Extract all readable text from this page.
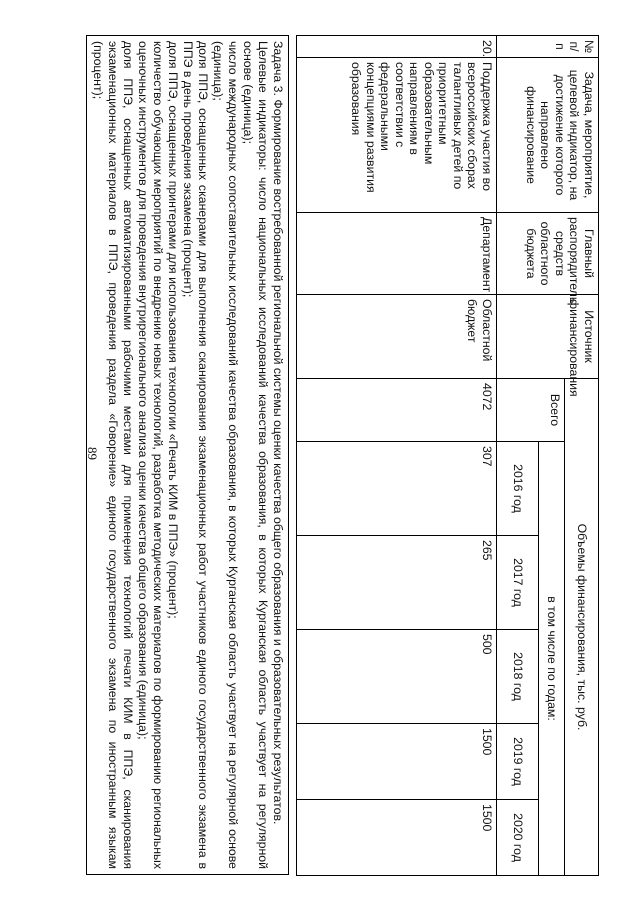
89
№ п/п	Задача, мероприятие, целевой индикатор, на достижение которого направлено финансирование	Главный распорядитель средств областного бюджета	Источник финансирования	Объемы финансирования, тыс. руб.					
				Всего	в том числе по годам:				
					2016 год	2017 год	2018 год	2019 год	2020 год
20.	Поддержка участия во всероссийских сборах талантливых детей по приоритетным образовательным направлениям в соответствии с федеральными концепциями развития образования	Департамент	Областной бюджет	4072	307	265	500	1500	1500
Задача 3. Формирование востребованной региональной системы оценки качества общего образования и образовательных результатов.
Целевые индикаторы: число национальных исследований качества образования, в которых Курганская область участвует на регулярной основе (единица);
число международных сопоставительных исследований качества образования, в которых Курганская область участвует на регулярной основе (единица);
доля ППЭ, оснащенных сканерами для выполнения сканирования экзаменационных работ участников единого государственного экзамена в ППЭ в день проведения экзамена (процент);
доля ППЭ, оснащенных принтерами для использования технологии «Печать КИМ в ППЭ» (процент);
количество обучающих мероприятий по внедрению новых технологий, разработка методических материалов по формированию региональных оценочных инструментов для проведения внутрирегионального анализа оценки качества общего образования (единица);
доля ППЭ, оснащенных автоматизированными рабочими местами для применения технологий печати КИМ в ППЭ, сканирования экзаменационных материалов в ППЭ, проведения раздела «Говорение» единого государственного экзамена по иностранным языкам (процент);
